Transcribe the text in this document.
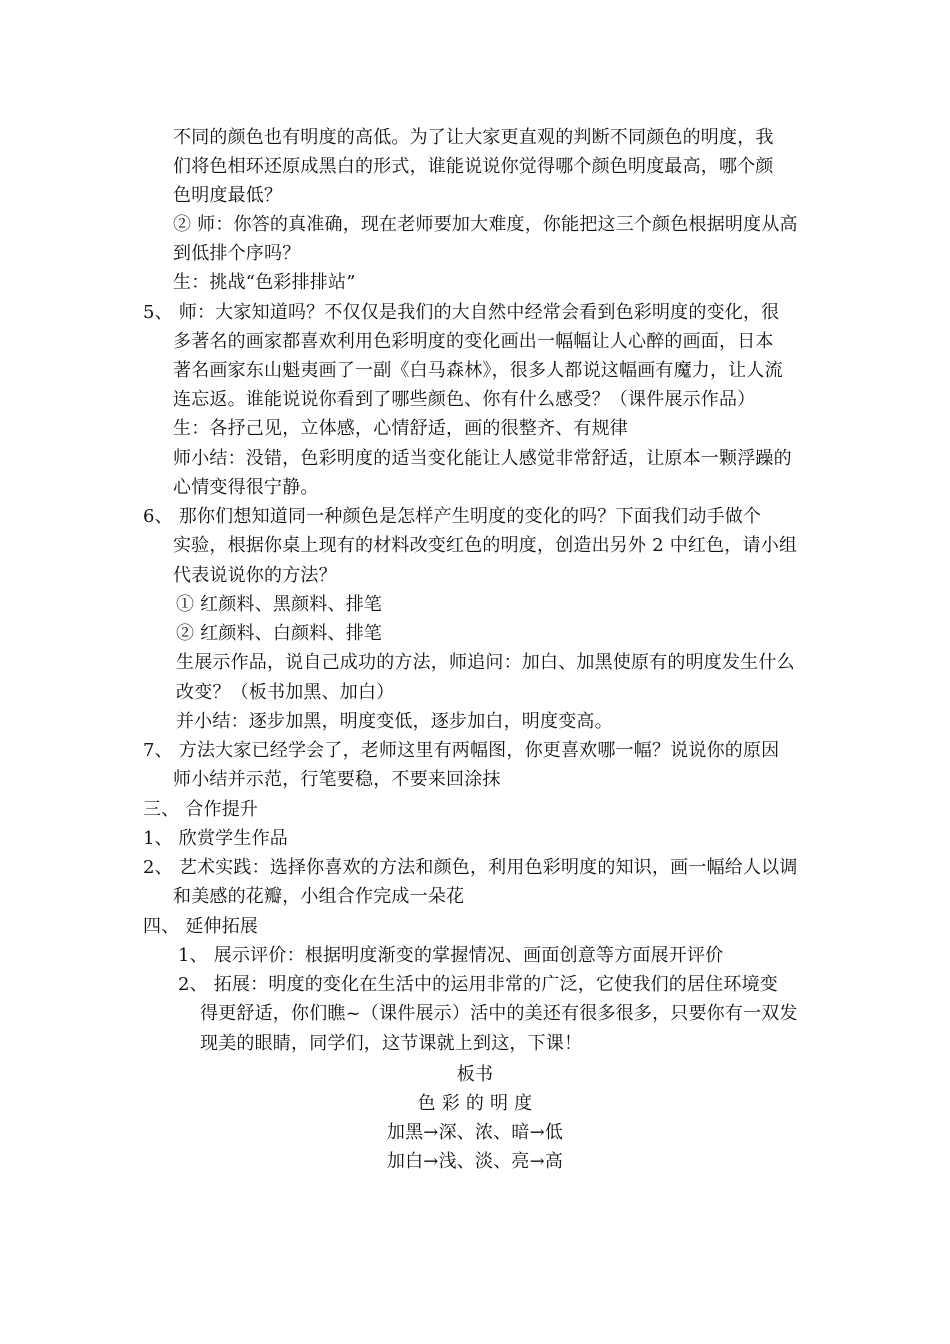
不同的颜色也有明度的高低。为了让大家更直观的判断不同颜色的明度，我
们将色相环还原成黑白的形式，谁能说说你觉得哪个颜色明度最高，哪个颜
色明度最低？
② 师：你答的真准确，现在老师要加大难度，你能把这三个颜色根据明度从高
到低排个序吗？
生：挑战“色彩排排站”
5、 师：大家知道吗？不仅仅是我们的大自然中经常会看到色彩明度的变化，很
多著名的画家都喜欢利用色彩明度的变化画出一幅幅让人心醉的画面，日本
著名画家东山魁夷画了一副《白马森林》，很多人都说这幅画有魔力，让人流
连忘返。谁能说说你看到了哪些颜色、你有什么感受？（课件展示作品）
生：各抒己见，立体感，心情舒适，画的很整齐、有规律
师小结：没错，色彩明度的适当变化能让人感觉非常舒适，让原本一颗浮躁的
心情变得很宁静。
6、 那你们想知道同一种颜色是怎样产生明度的变化的吗？下面我们动手做个
实验，根据你桌上现有的材料改变红色的明度，创造出另外 2 中红色，请小组
代表说说你的方法？
① 红颜料、黑颜料、排笔
② 红颜料、白颜料、排笔
生展示作品，说自己成功的方法，师追问：加白、加黑使原有的明度发生什么
改变？（板书加黑、加白）
并小结：逐步加黑，明度变低，逐步加白，明度变高。
7、 方法大家已经学会了，老师这里有两幅图，你更喜欢哪一幅？说说你的原因
师小结并示范，行笔要稳，不要来回涂抹
三、 合作提升
1、 欣赏学生作品
2、 艺术实践：选择你喜欢的方法和颜色，利用色彩明度的知识，画一幅给人以调
和美感的花瓣，小组合作完成一朵花
四、 延伸拓展
1、 展示评价：根据明度渐变的掌握情况、画面创意等方面展开评价
2、 拓展：明度的变化在生活中的运用非常的广泛，它使我们的居住环境变
得更舒适，你们瞧~（课件展示）活中的美还有很多很多，只要你有一双发
现美的眼睛，同学们，这节课就上到这，下课！
板书
色 彩 的 明 度
加黑→深、浓、暗→低
加白→浅、淡、亮→高
